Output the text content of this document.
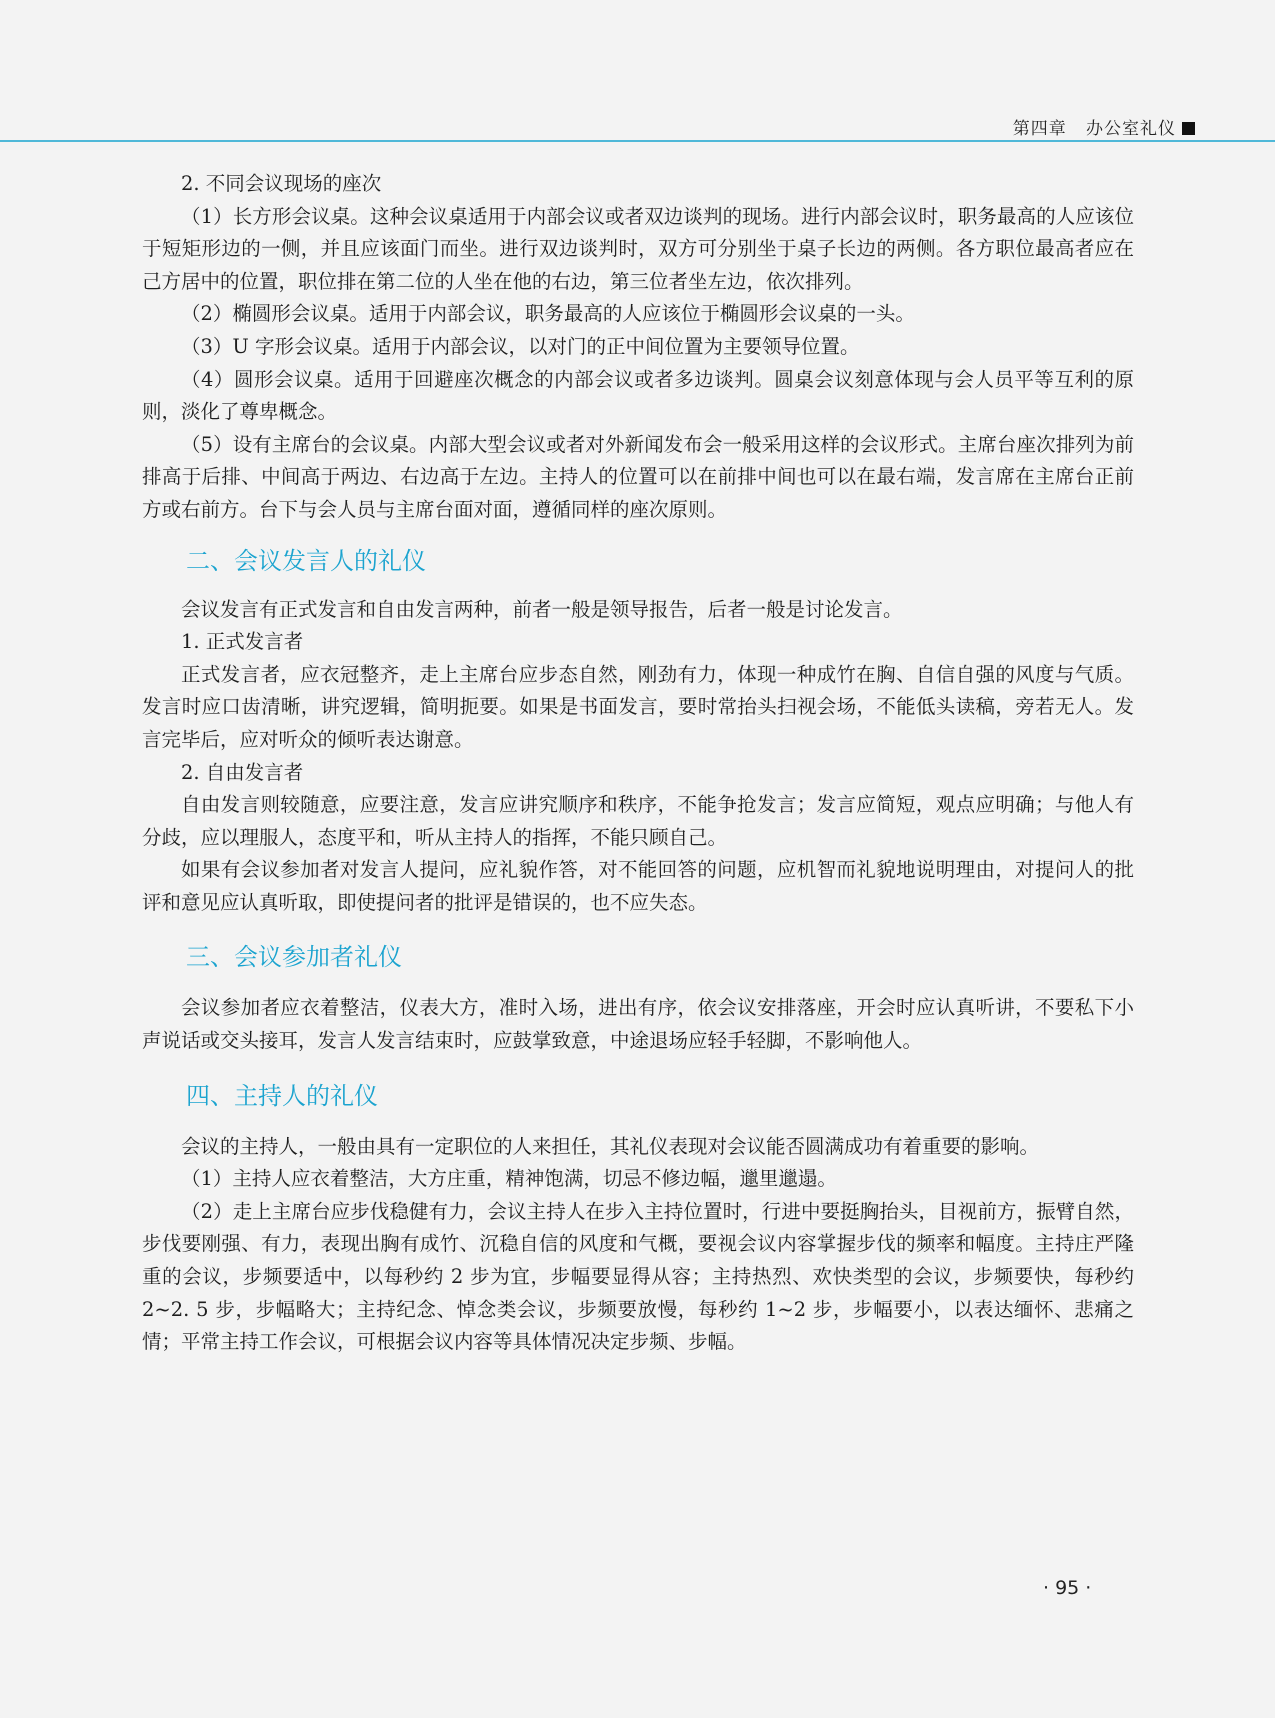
第四章 办公室礼仪

2. 不同会议现场的座次

（1）长方形会议桌。这种会议桌适用于内部会议或者双边谈判的现场。进行内部会议时，职务最高的人应该位于短矩形边的一侧，并且应该面门而坐。进行双边谈判时，双方可分别坐于桌子长边的两侧。各方职位最高者应在己方居中的位置，职位排在第二位的人坐在他的右边，第三位者坐左边，依次排列。

（2）椭圆形会议桌。适用于内部会议，职务最高的人应该位于椭圆形会议桌的一头。

（3）U 字形会议桌。适用于内部会议，以对门的正中间位置为主要领导位置。

（4）圆形会议桌。适用于回避座次概念的内部会议或者多边谈判。圆桌会议刻意体现与会人员平等互利的原则，淡化了尊卑概念。

（5）设有主席台的会议桌。内部大型会议或者对外新闻发布会一般采用这样的会议形式。主席台座次排列为前排高于后排、中间高于两边、右边高于左边。主持人的位置可以在前排中间也可以在最右端，发言席在主席台正前方或右前方。台下与会人员与主席台面对面，遵循同样的座次原则。

二、会议发言人的礼仪

会议发言有正式发言和自由发言两种，前者一般是领导报告，后者一般是讨论发言。

1. 正式发言者

正式发言者，应衣冠整齐，走上主席台应步态自然，刚劲有力，体现一种成竹在胸、自信自强的风度与气质。发言时应口齿清晰，讲究逻辑，简明扼要。如果是书面发言，要时常抬头扫视会场，不能低头读稿，旁若无人。发言完毕后，应对听众的倾听表达谢意。

2. 自由发言者

自由发言则较随意，应要注意，发言应讲究顺序和秩序，不能争抢发言；发言应简短，观点应明确；与他人有分歧，应以理服人，态度平和，听从主持人的指挥，不能只顾自己。

如果有会议参加者对发言人提问，应礼貌作答，对不能回答的问题，应机智而礼貌地说明理由，对提问人的批评和意见应认真听取，即使提问者的批评是错误的，也不应失态。

三、会议参加者礼仪

会议参加者应衣着整洁，仪表大方，准时入场，进出有序，依会议安排落座，开会时应认真听讲，不要私下小声说话或交头接耳，发言人发言结束时，应鼓掌致意，中途退场应轻手轻脚，不影响他人。

四、主持人的礼仪

会议的主持人，一般由具有一定职位的人来担任，其礼仪表现对会议能否圆满成功有着重要的影响。

（1）主持人应衣着整洁，大方庄重，精神饱满，切忌不修边幅，邋里邋遢。

（2）走上主席台应步伐稳健有力，会议主持人在步入主持位置时，行进中要挺胸抬头，目视前方，振臂自然，步伐要刚强、有力，表现出胸有成竹、沉稳自信的风度和气概，要视会议内容掌握步伐的频率和幅度。主持庄严隆重的会议，步频要适中，以每秒约 2 步为宜，步幅要显得从容；主持热烈、欢快类型的会议，步频要快，每秒约 2~2. 5 步，步幅略大；主持纪念、悼念类会议，步频要放慢，每秒约 1~2 步，步幅要小，以表达缅怀、悲痛之情；平常主持工作会议，可根据会议内容等具体情况决定步频、步幅。

· 95 ·
